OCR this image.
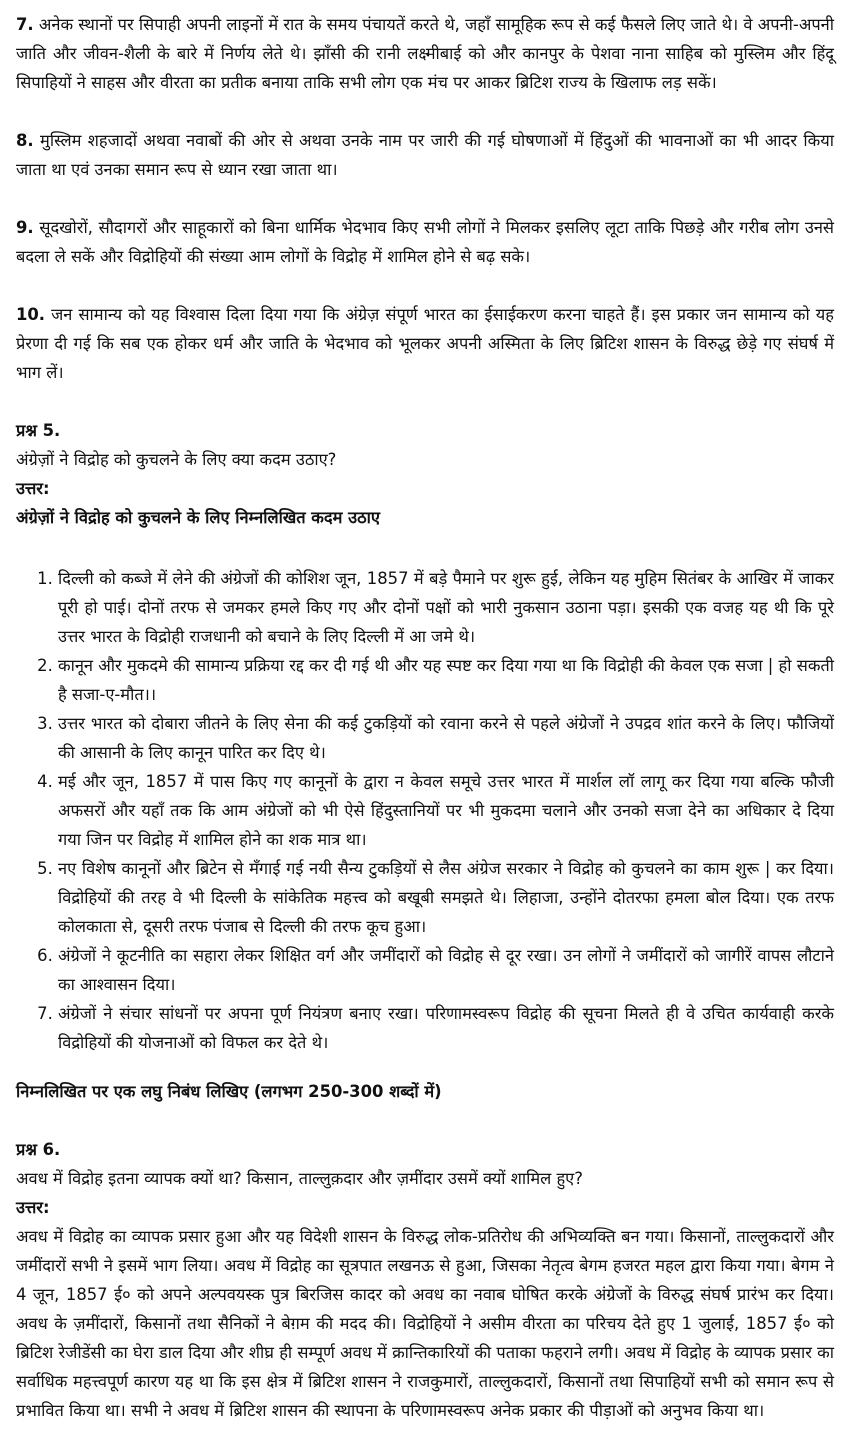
7. अनेक स्थानों पर सिपाही अपनी लाइनों में रात के समय पंचायतें करते थे, जहाँ सामूहिक रूप से कई फैसले लिए जाते थे। वे अपनी-अपनी जाति और जीवन-शैली के बारे में निर्णय लेते थे। झाँसी की रानी लक्ष्मीबाई को और कानपुर के पेशवा नाना साहिब को मुस्लिम और हिंदू सिपाहियों ने साहस और वीरता का प्रतीक बनाया ताकि सभी लोग एक मंच पर आकर ब्रिटिश राज्य के खिलाफ लड़ सकें।

8. मुस्लिम शहजादों अथवा नवाबों की ओर से अथवा उनके नाम पर जारी की गई घोषणाओं में हिंदुओं की भावनाओं का भी आदर किया जाता था एवं उनका समान रूप से ध्यान रखा जाता था।

9. सूदखोरों, सौदागरों और साहूकारों को बिना धार्मिक भेदभाव किए सभी लोगों ने मिलकर इसलिए लूटा ताकि पिछड़े और गरीब लोग उनसे बदला ले सकें और विद्रोहियों की संख्या आम लोगों के विद्रोह में शामिल होने से बढ़ सके।

10. जन सामान्य को यह विश्वास दिला दिया गया कि अंग्रेज़ संपूर्ण भारत का ईसाईकरण करना चाहते हैं। इस प्रकार जन सामान्य को यह प्रेरणा दी गई कि सब एक होकर धर्म और जाति के भेदभाव को भूलकर अपनी अस्मिता के लिए ब्रिटिश शासन के विरुद्ध छेड़े गए संघर्ष में भाग लें।

प्रश्न 5.

अंग्रेज़ों ने विद्रोह को कुचलने के लिए क्या कदम उठाए?

उत्तर:

अंग्रेज़ों ने विद्रोह को कुचलने के लिए निम्नलिखित कदम उठाए

1. दिल्ली को कब्जे में लेने की अंग्रेजों की कोशिश जून, 1857 में बड़े पैमाने पर शुरू हुई, लेकिन यह मुहिम सितंबर के आखिर में जाकर पूरी हो पाई। दोनों तरफ से जमकर हमले किए गए और दोनों पक्षों को भारी नुकसान उठाना पड़ा। इसकी एक वजह यह थी कि पूरे उत्तर भारत के विद्रोही राजधानी को बचाने के लिए दिल्ली में आ जमे थे।
2. कानून और मुकदमे की सामान्य प्रक्रिया रद्द कर दी गई थी और यह स्पष्ट कर दिया गया था कि विद्रोही की केवल एक सजा | हो सकती है सजा-ए-मौत।।
3. उत्तर भारत को दोबारा जीतने के लिए सेना की कई टुकड़ियों को रवाना करने से पहले अंग्रेजों ने उपद्रव शांत करने के लिए। फौजियों की आसानी के लिए कानून पारित कर दिए थे।
4. मई और जून, 1857 में पास किए गए कानूनों के द्वारा न केवल समूचे उत्तर भारत में मार्शल लॉ लागू कर दिया गया बल्कि फौजी अफसरों और यहाँ तक कि आम अंग्रेजों को भी ऐसे हिंदुस्तानियों पर भी मुकदमा चलाने और उनको सजा देने का अधिकार दे दिया गया जिन पर विद्रोह में शामिल होने का शक मात्र था।
5. नए विशेष कानूनों और ब्रिटेन से मँगाई गई नयी सैन्य टुकड़ियों से लैस अंग्रेज सरकार ने विद्रोह को कुचलने का काम शुरू | कर दिया। विद्रोहियों की तरह वे भी दिल्ली के सांकेतिक महत्त्व को बखूबी समझते थे। लिहाजा, उन्होंने दोतरफा हमला बोल दिया। एक तरफ कोलकाता से, दूसरी तरफ पंजाब से दिल्ली की तरफ कूच हुआ।
6. अंग्रेजों ने कूटनीति का सहारा लेकर शिक्षित वर्ग और जमींदारों को विद्रोह से दूर रखा। उन लोगों ने जमींदारों को जागीरें वापस लौटाने का आश्वासन दिया।
7. अंग्रेजों ने संचार सांधनों पर अपना पूर्ण नियंत्रण बनाए रखा। परिणामस्वरूप विद्रोह की सूचना मिलते ही वे उचित कार्यवाही करके विद्रोहियों की योजनाओं को विफल कर देते थे।

निम्नलिखित पर एक लघु निबंध लिखिए (लगभग 250-300 शब्दों में)

प्रश्न 6.

अवध में विद्रोह इतना व्यापक क्यों था? किसान, ताल्लुक़दार और ज़मींदार उसमें क्यों शामिल हुए?

उत्तर:

अवध में विद्रोह का व्यापक प्रसार हुआ और यह विदेशी शासन के विरुद्ध लोक-प्रतिरोध की अभिव्यक्ति बन गया। किसानों, ताल्लुकदारों और जमींदारों सभी ने इसमें भाग लिया। अवध में विद्रोह का सूत्रपात लखनऊ से हुआ, जिसका नेतृत्व बेगम हजरत महल द्वारा किया गया। बेगम ने 4 जून, 1857 ई० को अपने अल्पवयस्क पुत्र बिरजिस कादर को अवध का नवाब घोषित करके अंग्रेजों के विरुद्ध संघर्ष प्रारंभ कर दिया। अवध के ज़मींदारों, किसानों तथा सैनिकों ने बेग़म की मदद की। विद्रोहियों ने असीम वीरता का परिचय देते हुए 1 जुलाई, 1857 ई० को ब्रिटिश रेजीडेंसी का घेरा डाल दिया और शीघ्र ही सम्पूर्ण अवध में क्रान्तिकारियों की पताका फहराने लगी। अवध में विद्रोह के व्यापक प्रसार का सर्वाधिक महत्त्वपूर्ण कारण यह था कि इस क्षेत्र में ब्रिटिश शासन ने राजकुमारों, ताल्लुकदारों, किसानों तथा सिपाहियों सभी को समान रूप से प्रभावित किया था। सभी ने अवध में ब्रिटिश शासन की स्थापना के परिणामस्वरूप अनेक प्रकार की पीड़ाओं को अनुभव किया था।
